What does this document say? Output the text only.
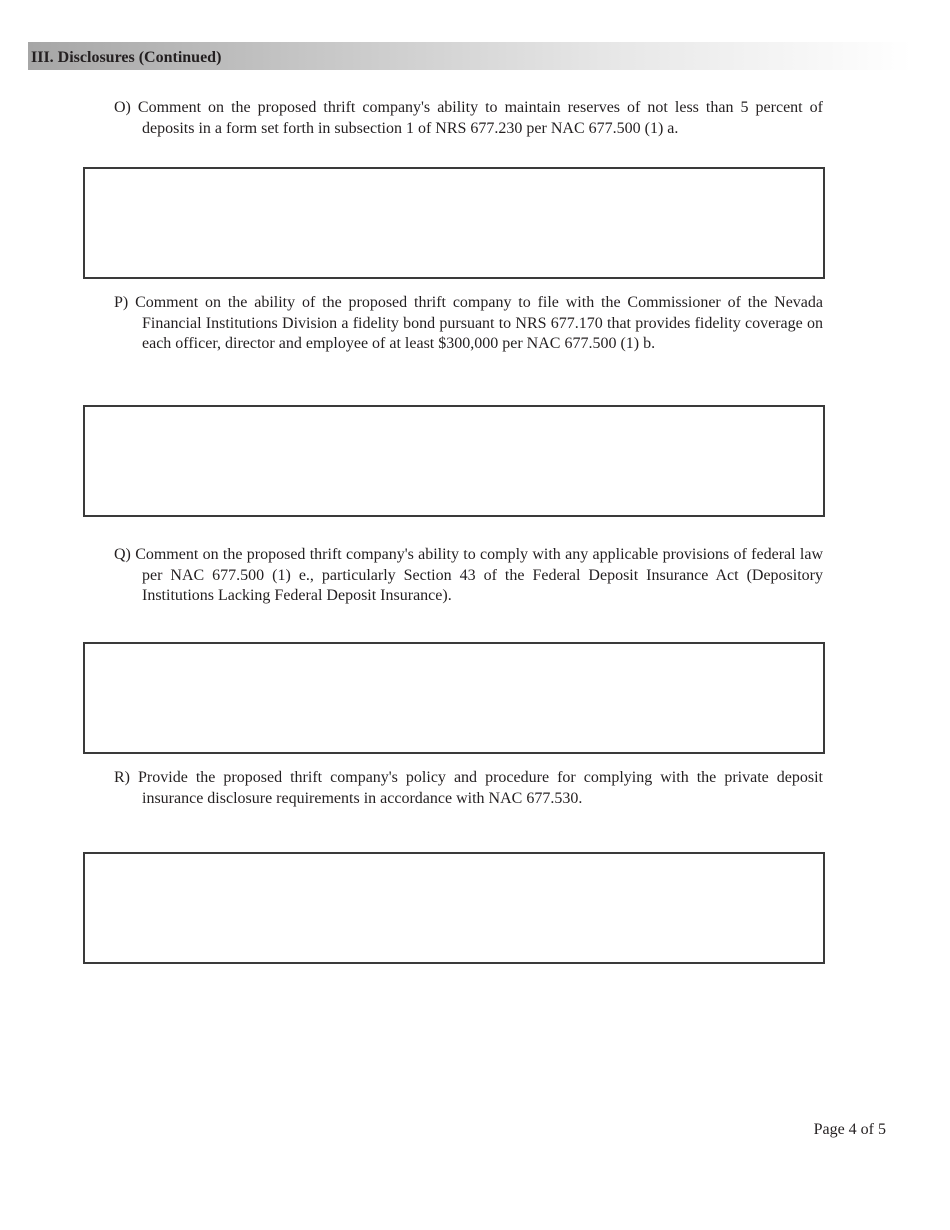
III. Disclosures (Continued)
O) Comment on the proposed thrift company's ability to maintain reserves of not less than 5 percent of deposits in a form set forth in subsection 1 of NRS 677.230 per NAC 677.500 (1) a.
P) Comment on the ability of the proposed thrift company to file with the Commissioner of the Nevada Financial Institutions Division a fidelity bond pursuant to NRS 677.170 that provides fidelity coverage on each officer, director and employee of at least $300,000 per NAC 677.500 (1) b.
Q) Comment on the proposed thrift company's ability to comply with any applicable provisions of federal law per NAC 677.500 (1) e., particularly Section 43 of the Federal Deposit Insurance Act (Depository Institutions Lacking Federal Deposit Insurance).
R) Provide the proposed thrift company's policy and procedure for complying with the private deposit insurance disclosure requirements in accordance with NAC 677.530.
Page 4 of 5
